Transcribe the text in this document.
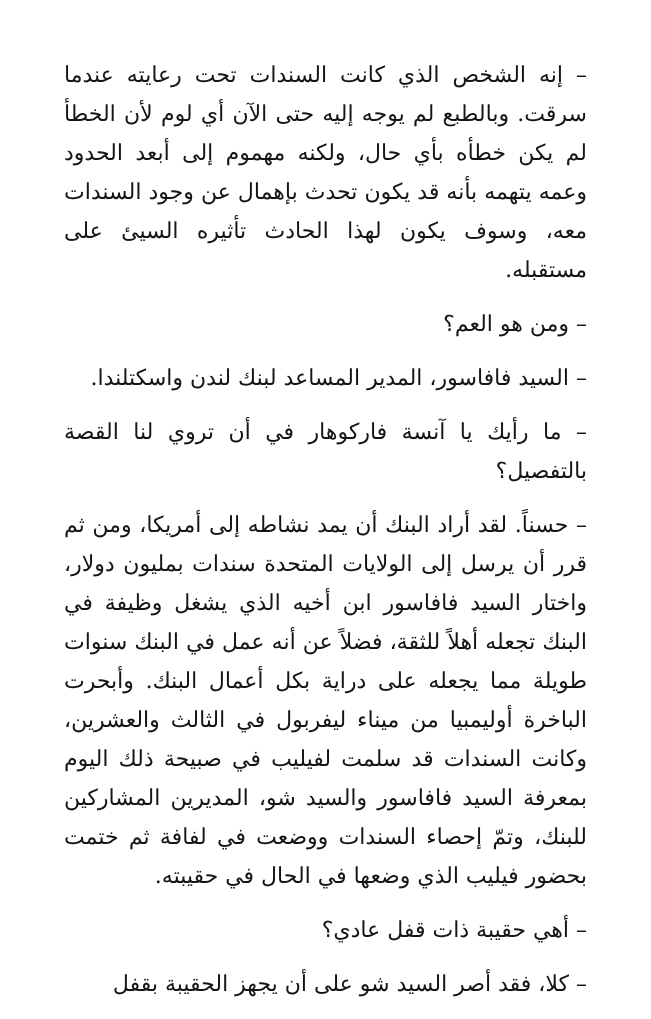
– إنه الشخص الذي كانت السندات تحت رعايته عندما سرقت. وبالطبع لم يوجه إليه حتى الآن أي لوم لأن الخطأ لم يكن خطأه بأي حال، ولكنه مهموم إلى أبعد الحدود وعمه يتهمه بأنه قد يكون تحدث بإهمال عن وجود السندات معه، وسوف يكون لهذا الحادث تأثيره السيئ على مستقبله.

– ومن هو العم؟

– السيد فافاسور، المدير المساعد لبنك لندن واسكتلندا.

– ما رأيك يا آنسة فاركوهار في أن تروي لنا القصة بالتفصيل؟

– حسناً. لقد أراد البنك أن يمد نشاطه إلى أمريكا، ومن ثم قرر أن يرسل إلى الولايات المتحدة سندات بمليون دولار، واختار السيد فافاسور ابن أخيه الذي يشغل وظيفة في البنك تجعله أهلاً للثقة، فضلاً عن أنه عمل في البنك سنوات طويلة مما يجعله على دراية بكل أعمال البنك. وأبحرت الباخرة أوليمبيا من ميناء ليفربول في الثالث والعشرين، وكانت السندات قد سلمت لفيليب في صبيحة ذلك اليوم بمعرفة السيد فافاسور والسيد شو، المديرين المشاركين للبنك، وتمّ إحصاء السندات ووضعت في لفافة ثم ختمت بحضور فيليب الذي وضعها في الحال في حقيبته.

– أهي حقيبة ذات قفل عادي؟

– كلا، فقد أصر السيد شو على أن يجهز الحقيبة بقفل
